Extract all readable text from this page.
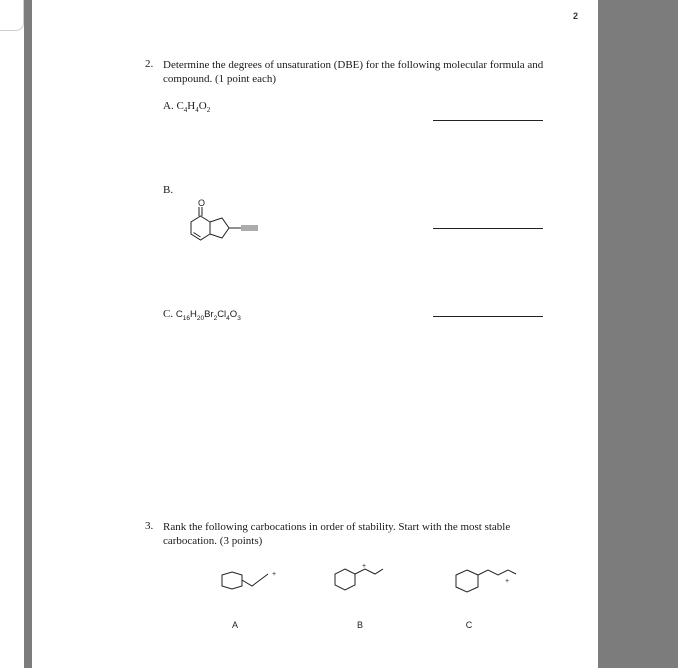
2
2. Determine the degrees of unsaturation (DBE) for the following molecular formula and compound. (1 point each)
A. $C_4H_4O_2$
B.
O
C. $C_{16}H_{20}Br_2Cl_4O_3$
3. Rank the following carbocations in order of stability. Start with the most stable carbocation. (3 points)
+
A
+
B
+
C
